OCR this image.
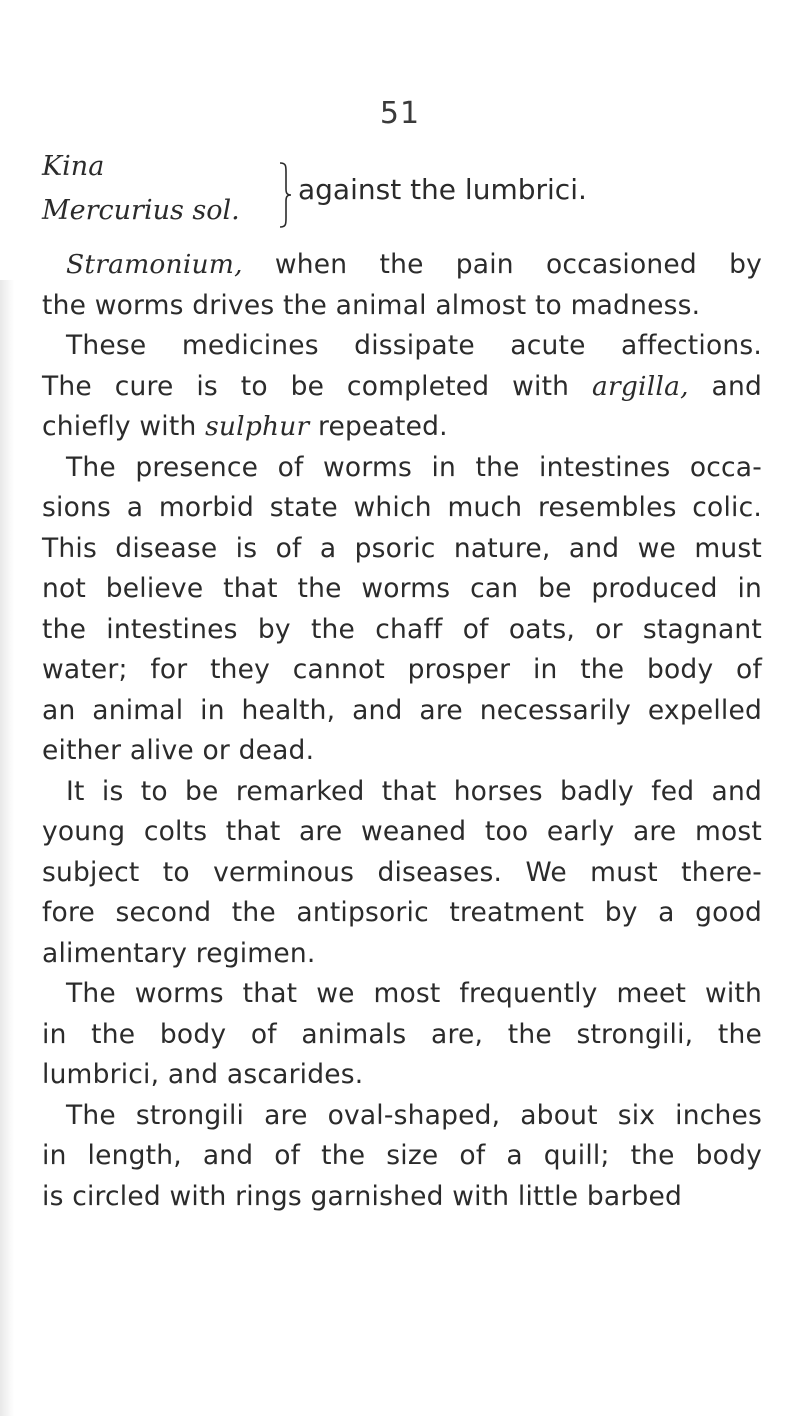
51
Kina
Mercurius sol.
against the lumbrici.
Stramonium, when the pain occasioned by
the worms drives the animal almost to madness.
These medicines dissipate acute affections.
The cure is to be completed with argilla, and
chiefly with sulphur repeated.
The presence of worms in the intestines occa-
sions a morbid state which much resembles colic.
This disease is of a psoric nature, and we must
not believe that the worms can be produced in
the intestines by the chaff of oats, or stagnant
water; for they cannot prosper in the body of
an animal in health, and are necessarily expelled
either alive or dead.
It is to be remarked that horses badly fed and
young colts that are weaned too early are most
subject to verminous diseases. We must there-
fore second the antipsoric treatment by a good
alimentary regimen.
The worms that we most frequently meet with
in the body of animals are, the strongili, the
lumbrici, and ascarides.
The strongili are oval-shaped, about six inches
in length, and of the size of a quill; the body
is circled with rings garnished with little barbed
